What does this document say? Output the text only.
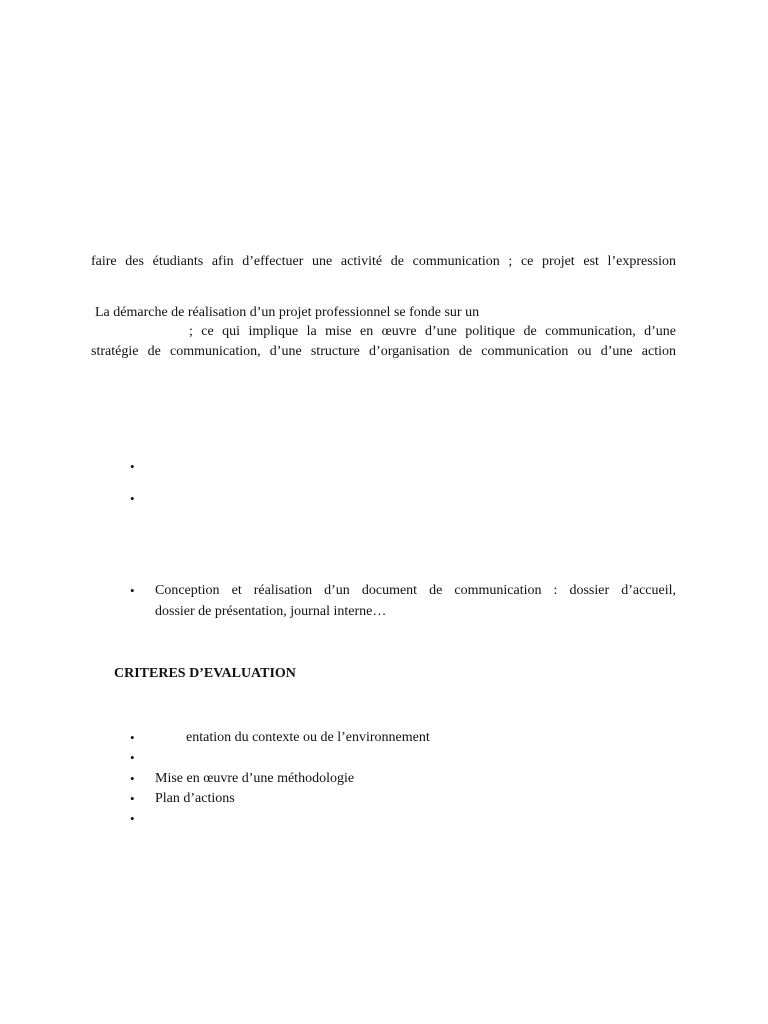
faire des étudiants afin d’effectuer une activité de communication ; ce projet est l’expression
La démarche de réalisation d’un projet professionnel se fonde sur un
; ce qui implique la mise en œuvre d’une politique de communication, d’une
stratégie de communication, d’une structure d’organisation de communication ou d’une action
•
•
•	Conception et réalisation d’un document de communication : dossier d’accueil,
dossier de présentation, journal interne…
CRITERES D’EVALUATION
•	entation du contexte ou de l’environnement
•
•	Mise en œuvre d’une méthodologie
•	Plan d’actions
•
